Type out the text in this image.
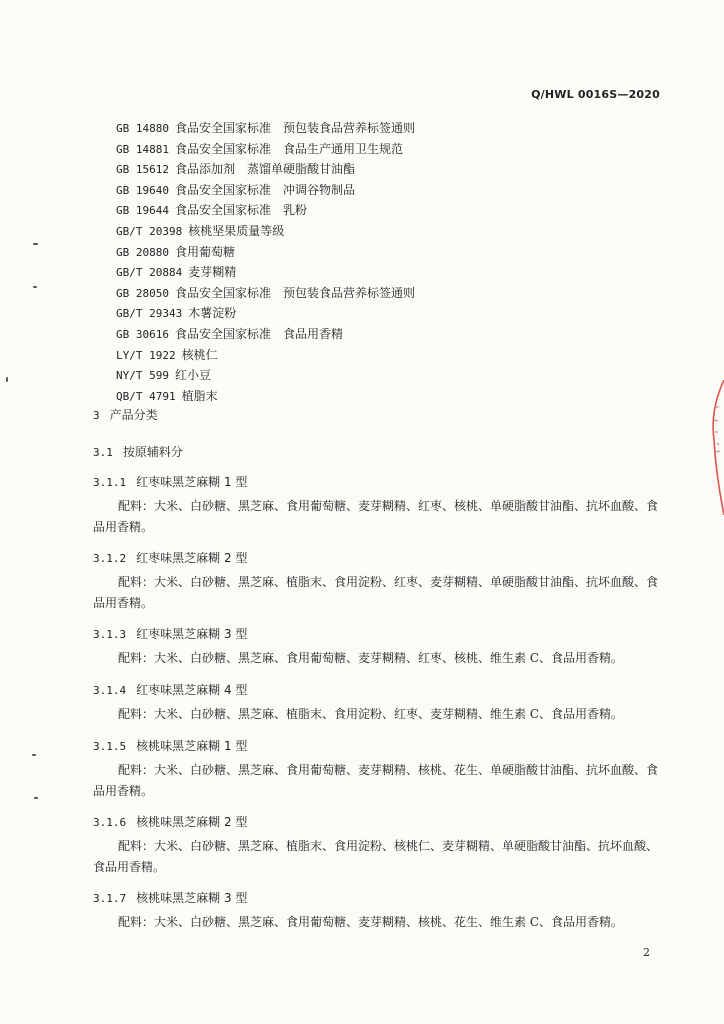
Q/HWL 0016S—2020
GB 14880 食品安全国家标准　预包装食品营养标签通则
GB 14881 食品安全国家标准　食品生产通用卫生规范
GB 15612 食品添加剂　蒸馏单硬脂酸甘油酯
GB 19640 食品安全国家标准　冲调谷物制品
GB 19644 食品安全国家标准　乳粉
GB/T 20398 核桃坚果质量等级
GB 20880 食用葡萄糖
GB/T 20884 麦芽糊精
GB 28050 食品安全国家标准　预包装食品营养标签通则
GB/T 29343 木薯淀粉
GB 30616 食品安全国家标准　食品用香精
LY/T 1922 核桃仁
NY/T 599 红小豆
QB/T 4791 植脂末
3 产品分类
3.1 按原辅料分
3.1.1 红枣味黑芝麻糊 1 型
配料：大米、白砂糖、黑芝麻、食用葡萄糖、麦芽糊精、红枣、核桃、单硬脂酸甘油酯、抗坏血酸、食品用香精。
3.1.2 红枣味黑芝麻糊 2 型
配料：大米、白砂糖、黑芝麻、植脂末、食用淀粉、红枣、麦芽糊精、单硬脂酸甘油酯、抗坏血酸、食品用香精。
3.1.3 红枣味黑芝麻糊 3 型
配料：大米、白砂糖、黑芝麻、食用葡萄糖、麦芽糊精、红枣、核桃、维生素 C、食品用香精。
3.1.4 红枣味黑芝麻糊 4 型
配料：大米、白砂糖、黑芝麻、植脂末、食用淀粉、红枣、麦芽糊精、维生素 C、食品用香精。
3.1.5 核桃味黑芝麻糊 1 型
配料：大米、白砂糖、黑芝麻、食用葡萄糖、麦芽糊精、核桃、花生、单硬脂酸甘油酯、抗坏血酸、食品用香精。
3.1.6 核桃味黑芝麻糊 2 型
配料：大米、白砂糖、黑芝麻、植脂末、食用淀粉、核桃仁、麦芽糊精、单硬脂酸甘油酯、抗坏血酸、食品用香精。
3.1.7 核桃味黑芝麻糊 3 型
配料：大米、白砂糖、黑芝麻、食用葡萄糖、麦芽糊精、核桃、花生、维生素 C、食品用香精。
2
